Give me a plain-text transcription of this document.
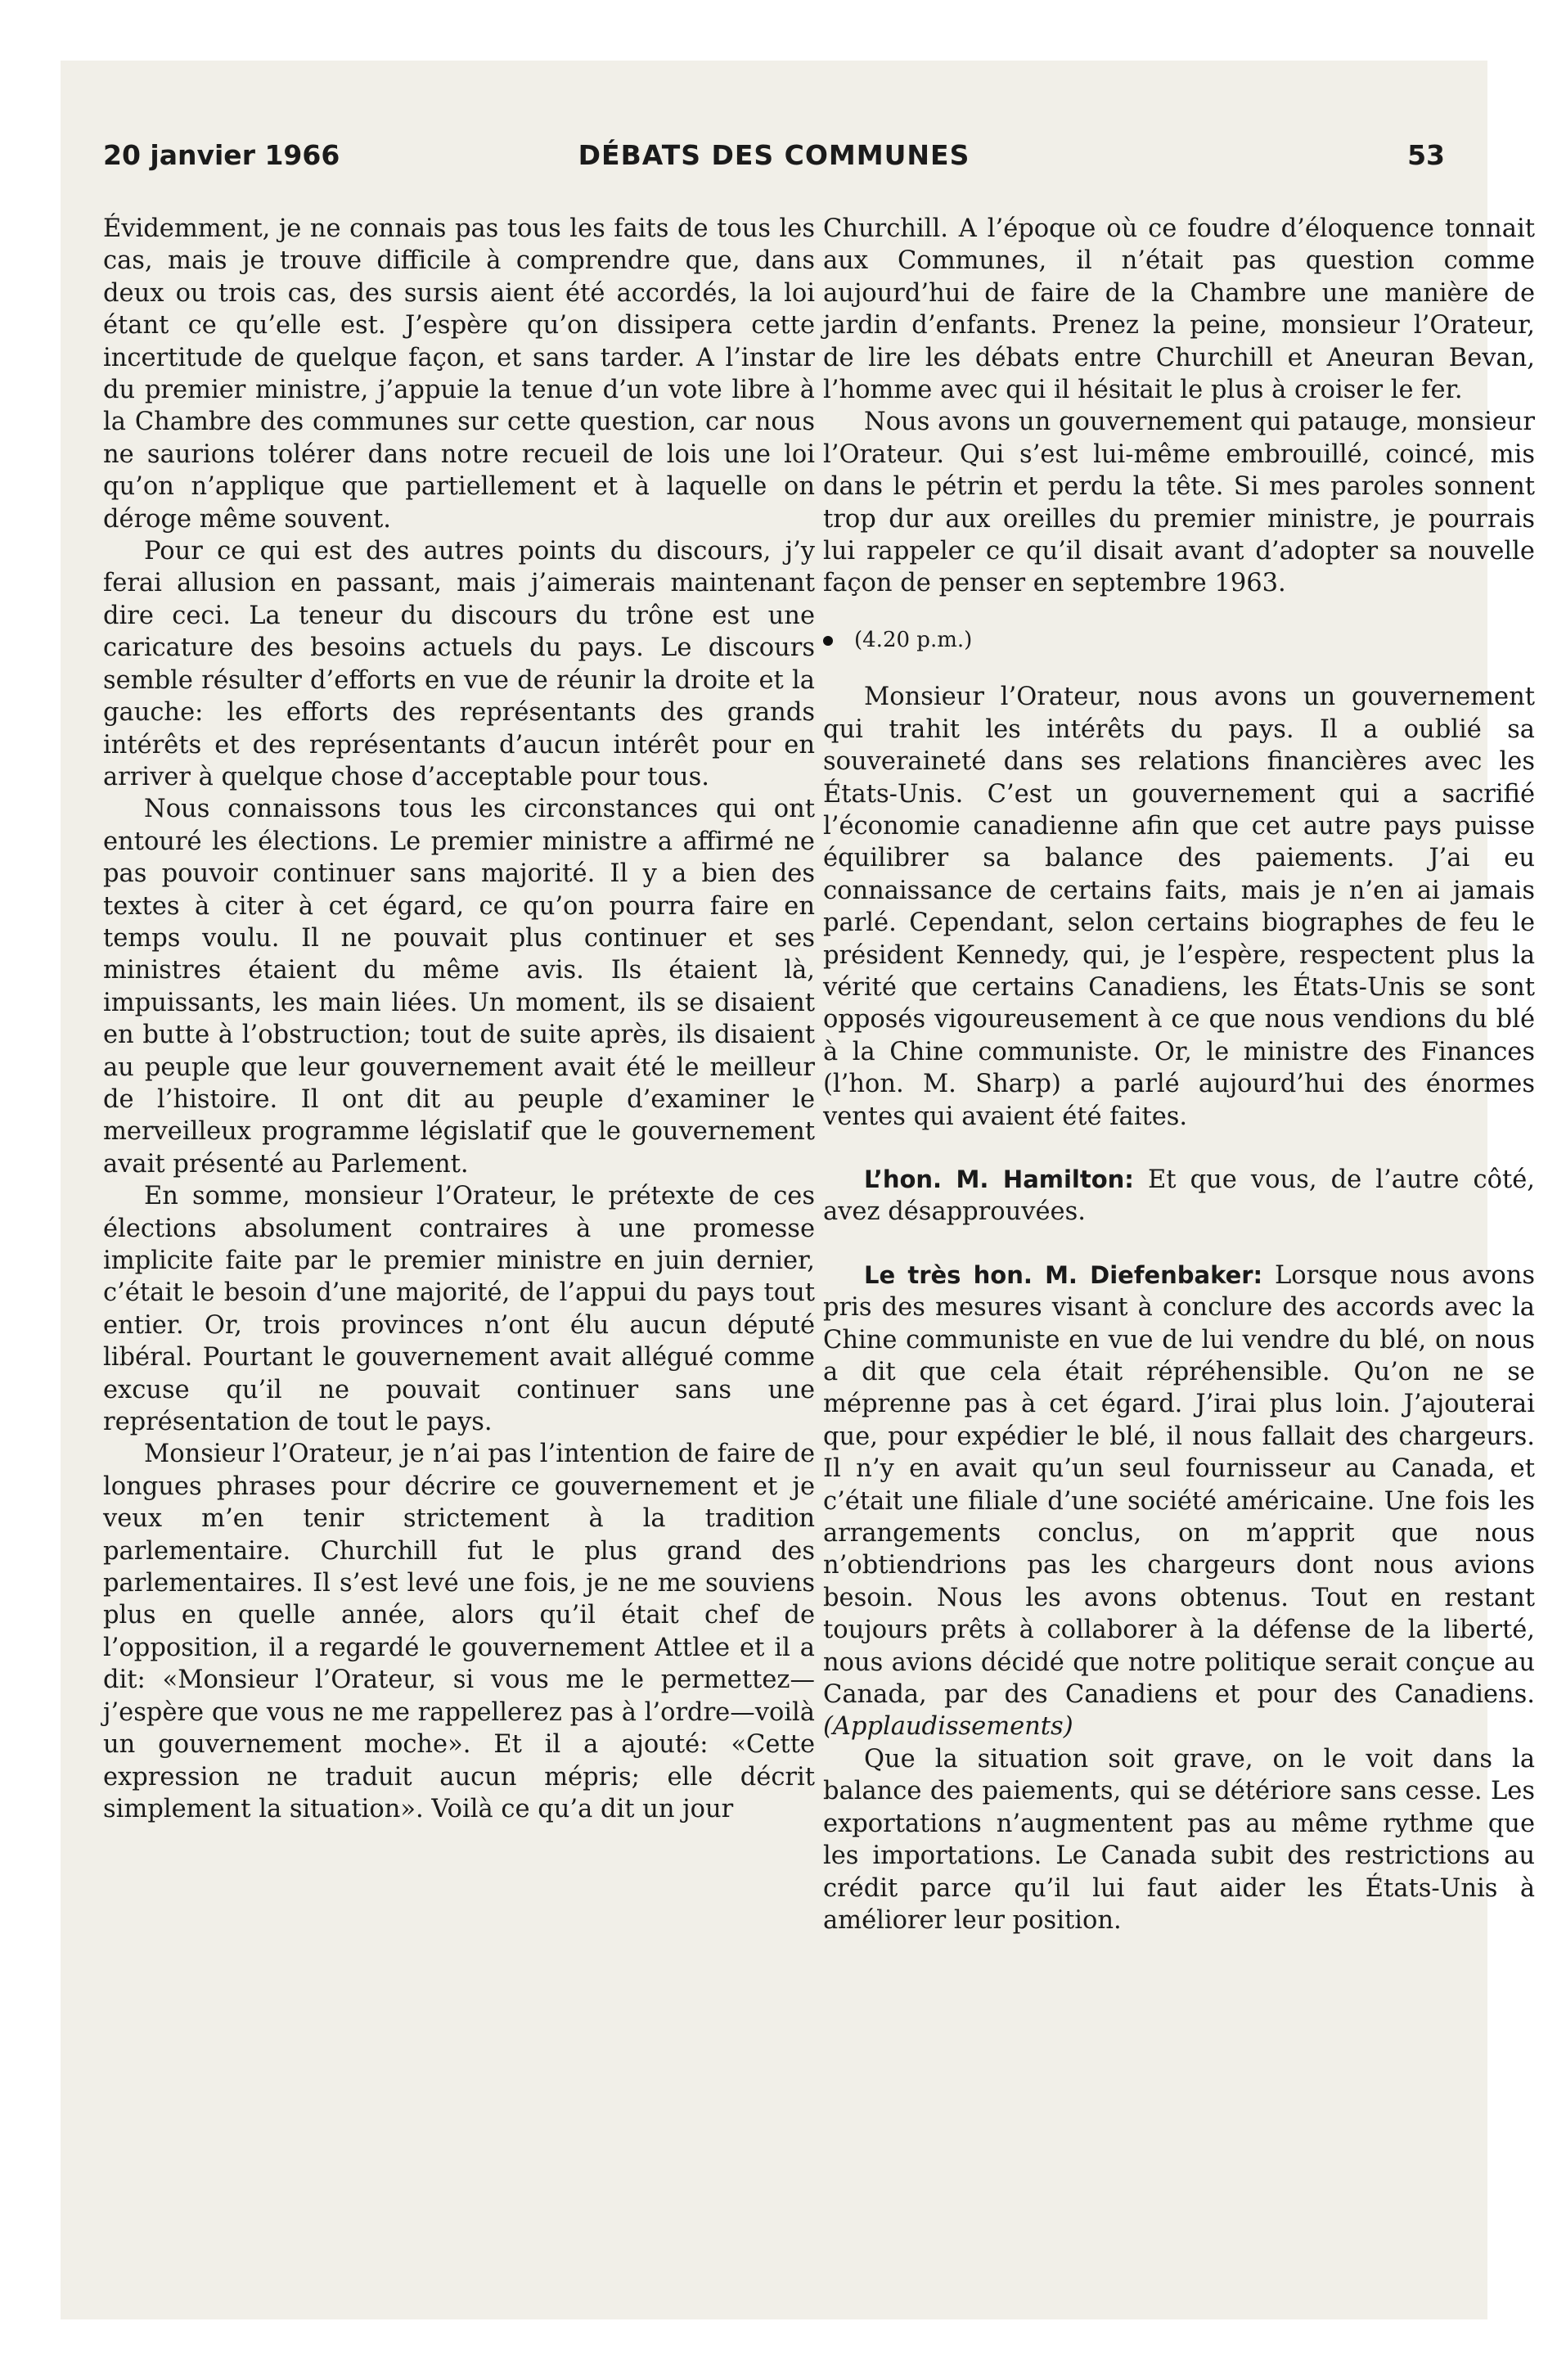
20 janvier 1966	DÉBATS DES COMMUNES	53

Évidemment, je ne connais pas tous les faits de tous les cas, mais je trouve difficile à comprendre que, dans deux ou trois cas, des sursis aient été accordés, la loi étant ce qu’elle est. J’espère qu’on dissipera cette incertitude de quelque façon, et sans tarder. A l’instar du premier ministre, j’appuie la tenue d’un vote libre à la Chambre des communes sur cette question, car nous ne saurions tolérer dans notre recueil de lois une loi qu’on n’applique que partiellement et à laquelle on déroge même souvent.

Pour ce qui est des autres points du discours, j’y ferai allusion en passant, mais j’aimerais maintenant dire ceci. La teneur du discours du trône est une caricature des besoins actuels du pays. Le discours semble résulter d’efforts en vue de réunir la droite et la gauche: les efforts des représentants des grands intérêts et des représentants d’aucun intérêt pour en arriver à quelque chose d’acceptable pour tous.

Nous connaissons tous les circonstances qui ont entouré les élections. Le premier ministre a affirmé ne pas pouvoir continuer sans majorité. Il y a bien des textes à citer à cet égard, ce qu’on pourra faire en temps voulu. Il ne pouvait plus continuer et ses ministres étaient du même avis. Ils étaient là, impuissants, les main liées. Un moment, ils se disaient en butte à l’obstruction; tout de suite après, ils disaient au peuple que leur gouvernement avait été le meilleur de l’histoire. Il ont dit au peuple d’examiner le merveilleux programme législatif que le gouvernement avait présenté au Parlement.

En somme, monsieur l’Orateur, le prétexte de ces élections absolument contraires à une promesse implicite faite par le premier ministre en juin dernier, c’était le besoin d’une majorité, de l’appui du pays tout entier. Or, trois provinces n’ont élu aucun député libéral. Pourtant le gouvernement avait allégué comme excuse qu’il ne pouvait continuer sans une représentation de tout le pays.

Monsieur l’Orateur, je n’ai pas l’intention de faire de longues phrases pour décrire ce gouvernement et je veux m’en tenir strictement à la tradition parlementaire. Churchill fut le plus grand des parlementaires. Il s’est levé une fois, je ne me souviens plus en quelle année, alors qu’il était chef de l’opposition, il a regardé le gouvernement Attlee et il a dit: «Monsieur l’Orateur, si vous me le permettez—j’espère que vous ne me rappellerez pas à l’ordre—voilà un gouvernement moche». Et il a ajouté: «Cette expression ne traduit aucun mépris; elle décrit simplement la situation». Voilà ce qu’a dit un jour

Churchill. A l’époque où ce foudre d’éloquence tonnait aux Communes, il n’était pas question comme aujourd’hui de faire de la Chambre une manière de jardin d’enfants. Prenez la peine, monsieur l’Orateur, de lire les débats entre Churchill et Aneuran Bevan, l’homme avec qui il hésitait le plus à croiser le fer.

Nous avons un gouvernement qui patauge, monsieur l’Orateur. Qui s’est lui-même embrouillé, coincé, mis dans le pétrin et perdu la tête. Si mes paroles sonnent trop dur aux oreilles du premier ministre, je pourrais lui rappeler ce qu’il disait avant d’adopter sa nouvelle façon de penser en septembre 1963.

(4.20 p.m.)

Monsieur l’Orateur, nous avons un gouvernement qui trahit les intérêts du pays. Il a oublié sa souveraineté dans ses relations financières avec les États-Unis. C’est un gouvernement qui a sacrifié l’économie canadienne afin que cet autre pays puisse équilibrer sa balance des paiements. J’ai eu connaissance de certains faits, mais je n’en ai jamais parlé. Cependant, selon certains biographes de feu le président Kennedy, qui, je l’espère, respectent plus la vérité que certains Canadiens, les États-Unis se sont opposés vigoureusement à ce que nous vendions du blé à la Chine communiste. Or, le ministre des Finances (l’hon. M. Sharp) a parlé aujourd’hui des énormes ventes qui avaient été faites.

L’hon. M. Hamilton: Et que vous, de l’autre côté, avez désapprouvées.

Le très hon. M. Diefenbaker: Lorsque nous avons pris des mesures visant à conclure des accords avec la Chine communiste en vue de lui vendre du blé, on nous a dit que cela était répréhensible. Qu’on ne se méprenne pas à cet égard. J’irai plus loin. J’ajouterai que, pour expédier le blé, il nous fallait des chargeurs. Il n’y en avait qu’un seul fournisseur au Canada, et c’était une filiale d’une société américaine. Une fois les arrangements conclus, on m’apprit que nous n’obtiendrions pas les chargeurs dont nous avions besoin. Nous les avons obtenus. Tout en restant toujours prêts à collaborer à la défense de la liberté, nous avions décidé que notre politique serait conçue au Canada, par des Canadiens et pour des Canadiens. (Applaudissements)

Que la situation soit grave, on le voit dans la balance des paiements, qui se détériore sans cesse. Les exportations n’augmentent pas au même rythme que les importations. Le Canada subit des restrictions au crédit parce qu’il lui faut aider les États-Unis à améliorer leur position.
